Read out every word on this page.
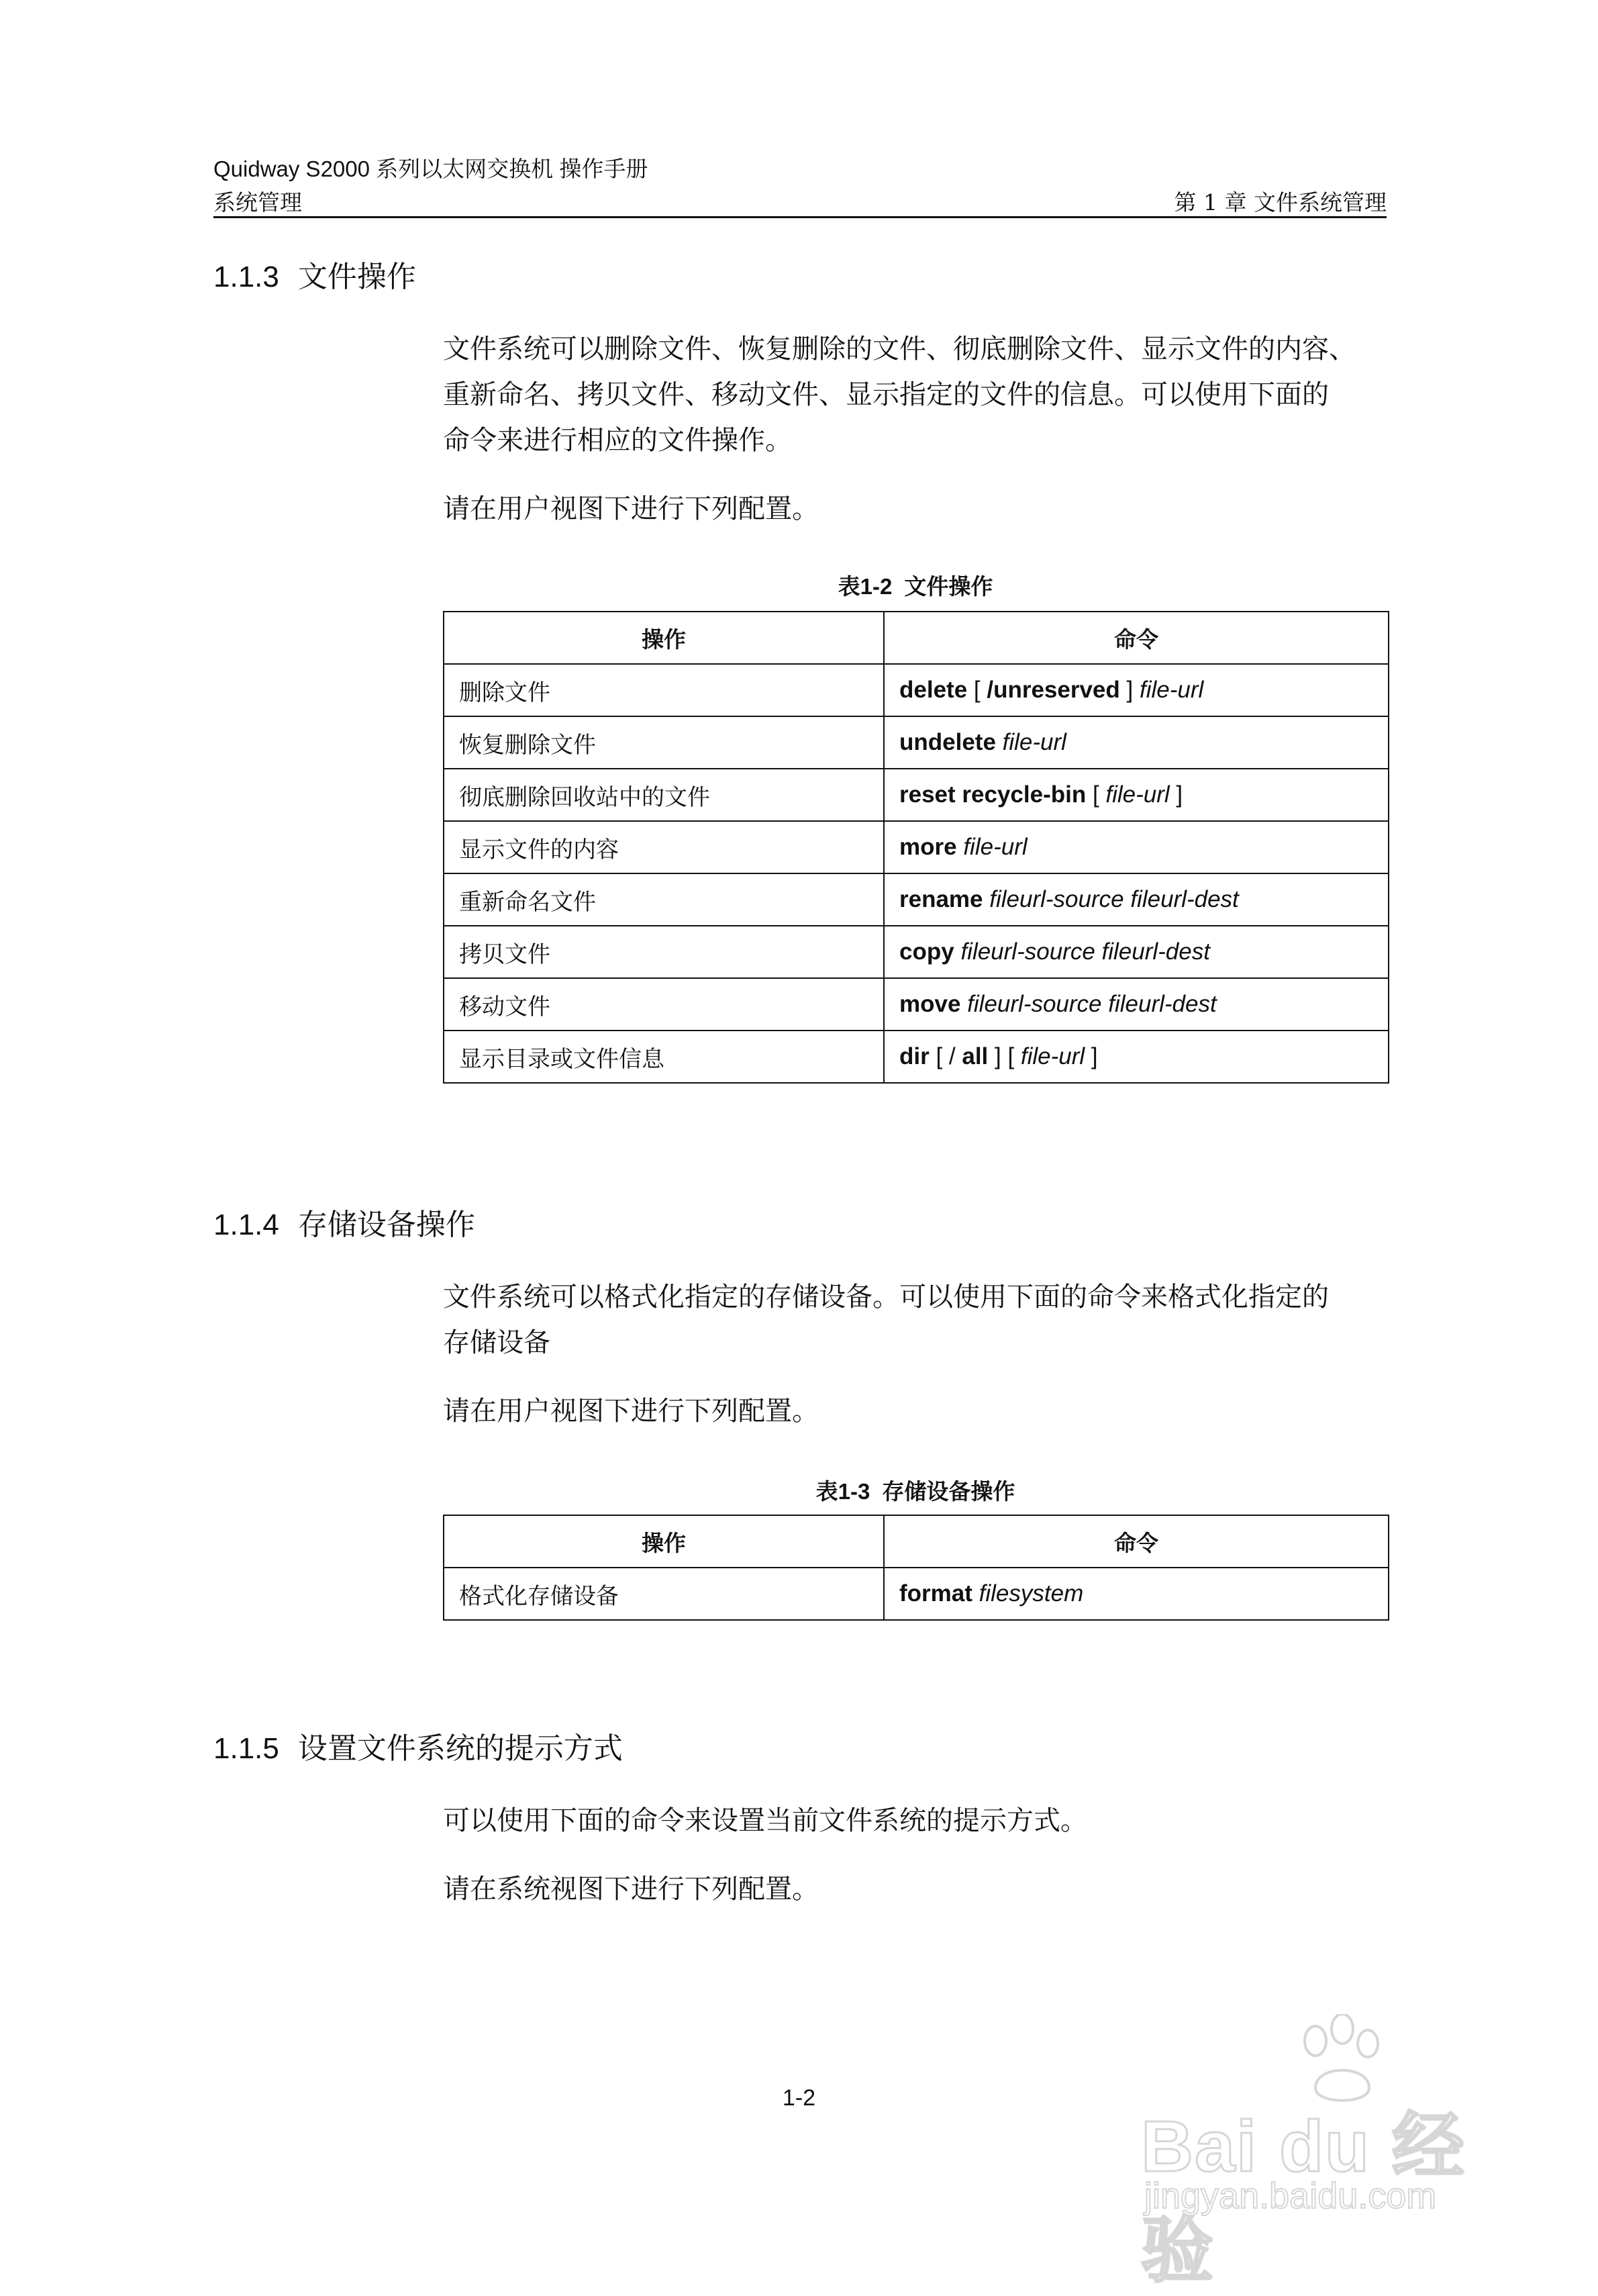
Quidway S2000 系列以太网交换机 操作手册
系统管理	第 1 章 文件系统管理
1.1.3 文件操作
文件系统可以删除文件、恢复删除的文件、彻底删除文件、显示文件的内容、
重新命名、拷贝文件、移动文件、显示指定的文件的信息。可以使用下面的
命令来进行相应的文件操作。
请在用户视图下进行下列配置。
表1-2 文件操作
操作	命令
删除文件	delete [ /unreserved ] file-url
恢复删除文件	undelete file-url
彻底删除回收站中的文件	reset recycle-bin [ file-url ]
显示文件的内容	more file-url
重新命名文件	rename fileurl-source fileurl-dest
拷贝文件	copy fileurl-source fileurl-dest
移动文件	move fileurl-source fileurl-dest
显示目录或文件信息	dir [ / all ] [ file-url ]
1.1.4 存储设备操作
文件系统可以格式化指定的存储设备。可以使用下面的命令来格式化指定的
存储设备
请在用户视图下进行下列配置。
表1-3 存储设备操作
操作	命令
格式化存储设备	format filesystem
1.1.5 设置文件系统的提示方式
可以使用下面的命令来设置当前文件系统的提示方式。
请在系统视图下进行下列配置。
1-2
Bai du 经验
jingyan.baidu.com
